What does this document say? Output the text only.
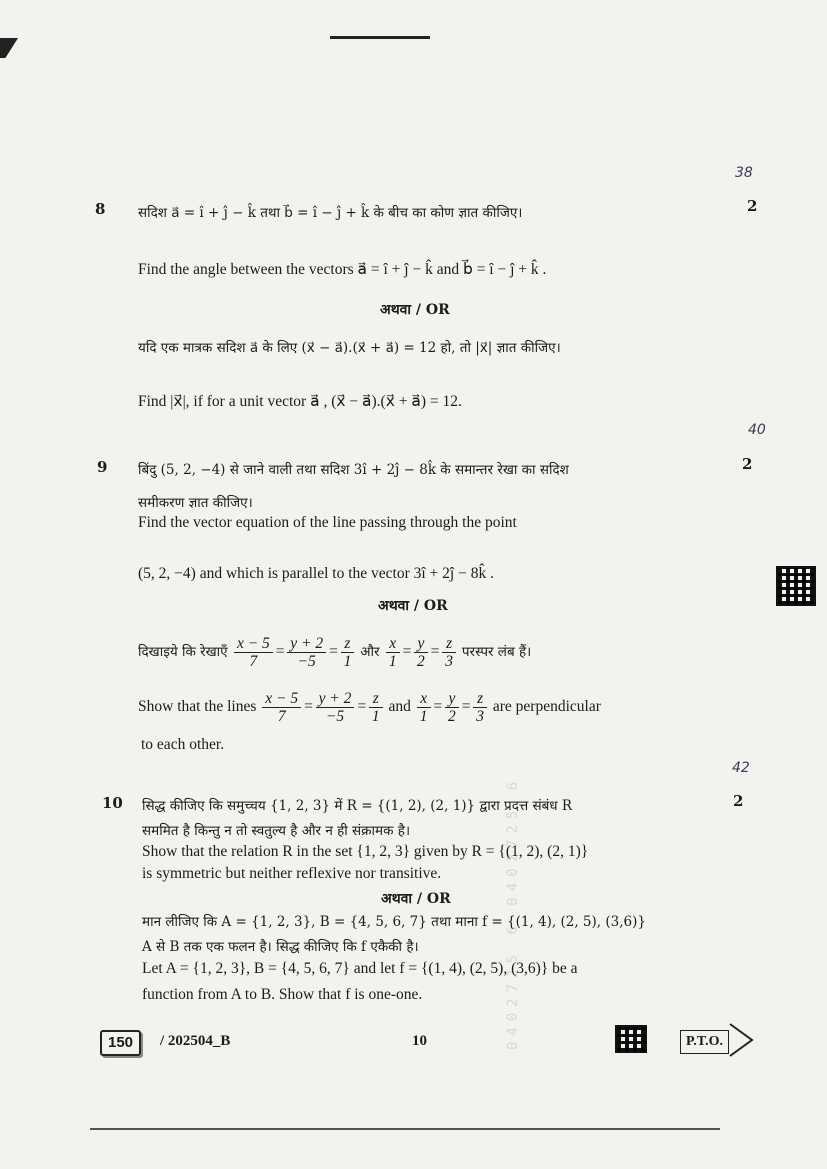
0402725 6 0402725 6
38
8	2
सदिश a⃗ = î + ĵ − k̂ तथा b⃗ = î − ĵ + k̂ के बीच का कोण ज्ञात कीजिए।
Find the angle between the vectors a⃗ = î + ĵ − k̂ and b⃗ = î − ĵ + k̂ .
अथवा / OR
यदि एक मात्रक सदिश a⃗ के लिए (x⃗ − a⃗).(x⃗ + a⃗) = 12 हो, तो |x⃗| ज्ञात कीजिए।
Find |x⃗|, if for a unit vector a⃗ , (x⃗ − a⃗).(x⃗ + a⃗) = 12.
40
9	2
बिंदु (5, 2, −4) से जाने वाली तथा सदिश 3î + 2ĵ − 8k̂ के समान्तर रेखा का सदिश
समीकरण ज्ञात कीजिए।
Find the vector equation of the line passing through the point
(5, 2, −4) and which is parallel to the vector 3î + 2ĵ − 8k̂ .
अथवा / OR
दिखाइये कि रेखाएँ $\frac{x - 5}{7} = \frac{y + 2}{-5} = \frac{z}{1}$ और $\frac{x}{1} = \frac{y}{2} = \frac{z}{3}$ परस्पर लंब हैं।
Show that the lines $\frac{x - 5}{7} = \frac{y + 2}{-5} = \frac{z}{1}$ and $\frac{x}{1} = \frac{y}{2} = \frac{z}{3}$ are perpendicular
to each other.
42
10	2
सिद्ध कीजिए कि समुच्चय {1, 2, 3} में R = {(1, 2), (2, 1)} द्वारा प्रदत्त संबंध R
सममित है किन्तु न तो स्वतुल्य है और न ही संक्रामक है।
Show that the relation R in the set {1, 2, 3} given by R = {(1, 2), (2, 1)}
is symmetric but neither reflexive nor transitive.
अथवा / OR
मान लीजिए कि A = {1, 2, 3}, B = {4, 5, 6, 7} तथा माना f = {(1, 4), (2, 5), (3,6)}
A से B तक एक फलन है। सिद्ध कीजिए कि f एकैकी है।
Let A = {1, 2, 3}, B = {4, 5, 6, 7} and let f = {(1, 4), (2, 5), (3,6)} be a
function from A to B. Show that f is one-one.
150	/ 202504_B	10	P.T.O.
